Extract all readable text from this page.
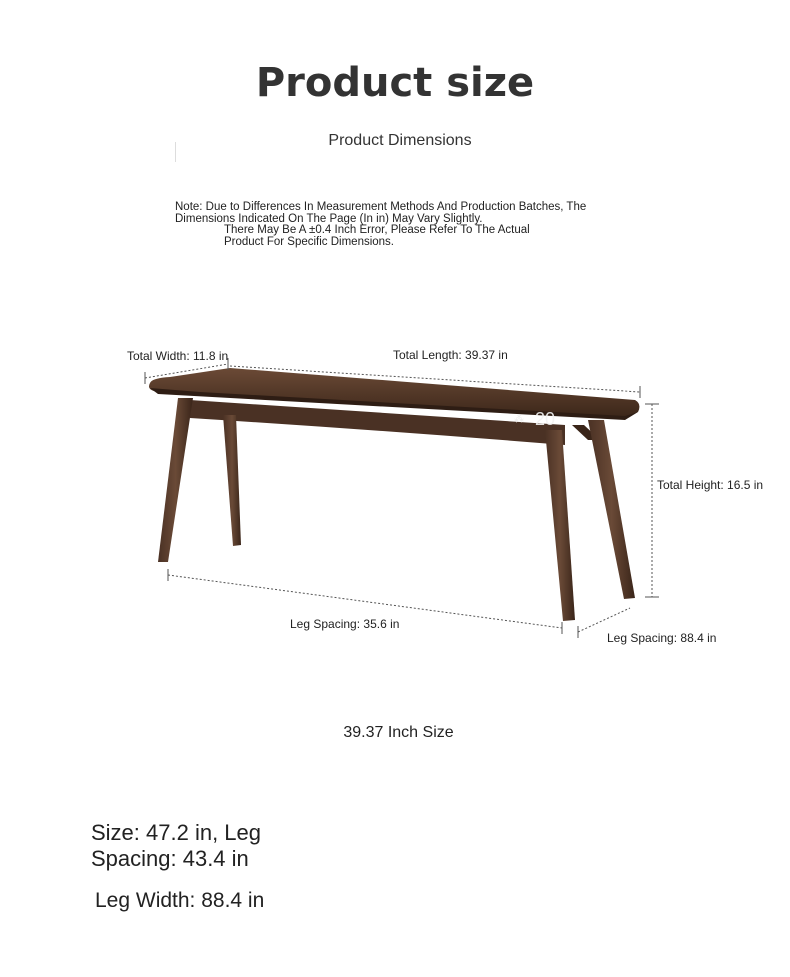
Product size
Product Dimensions
Note: Due to Differences In Measurement Methods And Production Batches, The
Dimensions Indicated On The Page (In in) May Vary Slightly.
There May Be A ±0.4 Inch Error, Please Refer To The Actual
Product For Specific Dimensions.
20
⁂
Total Width: 11.8 in	Total Length: 39.37 in
Total Height: 16.5 in
Leg Spacing: 35.6 in
Leg Spacing: 88.4 in
39.37 Inch Size
Size: 47.2 in, Leg
Spacing: 43.4 in
Leg Width: 88.4 in
